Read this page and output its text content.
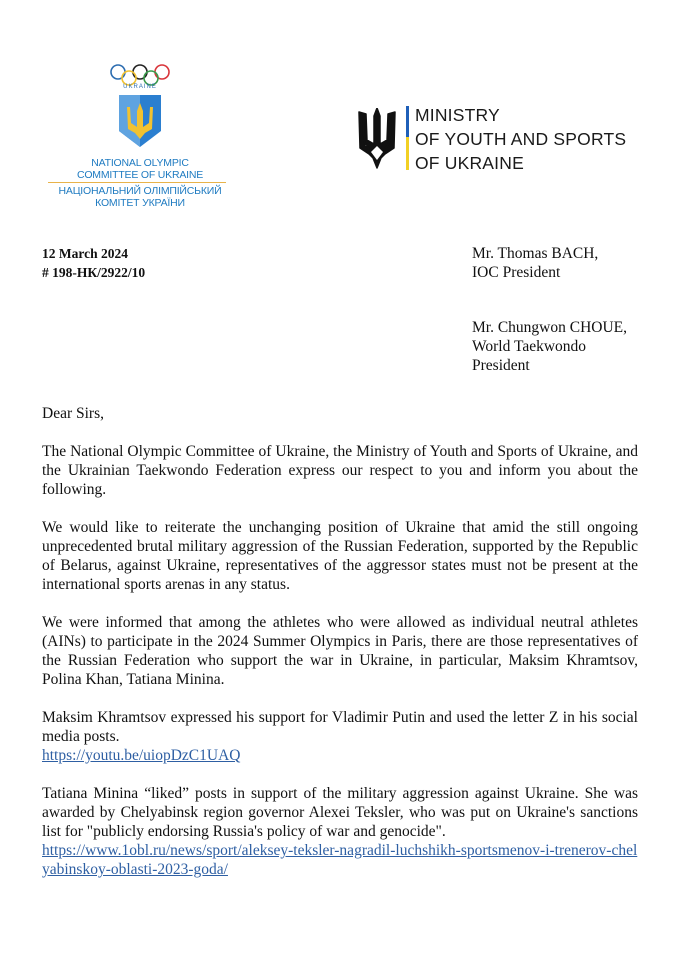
UKRAINE
NATIONAL OLYMPIC
COMMITTEE OF UKRAINE
НАЦІОНАЛЬНИЙ ОЛІМПІЙСЬКИЙ
КОМІТЕТ УКРАЇНИ
MINISTRY
OF YOUTH AND SPORTS
OF UKRAINE
12 March 2024
# 198-НК/2922/10
Mr. Thomas BACH,
IOC President
Mr. Chungwon CHOUE,
World Taekwondo
President

Dear Sirs,

The National Olympic Committee of Ukraine, the Ministry of Youth and Sports of Ukraine, and the Ukrainian Taekwondo Federation express our respect to you and inform you about the following.

We would like to reiterate the unchanging position of Ukraine that amid the still ongoing unprecedented brutal military aggression of the Russian Federation, supported by the Republic of Belarus, against Ukraine, representatives of the aggressor states must not be present at the international sports arenas in any status.

We were informed that among the athletes who were allowed as individual neutral athletes (AINs) to participate in the 2024 Summer Olympics in Paris, there are those representatives of the Russian Federation who support the war in Ukraine, in particular, Maksim Khramtsov, Polina Khan, Tatiana Minina.

Maksim Khramtsov expressed his support for Vladimir Putin and used the letter Z in his social media posts.
https://youtu.be/uiopDzC1UAQ

Tatiana Minina “liked” posts in support of the military aggression against Ukraine. She was awarded by Chelyabinsk region governor Alexei Teksler, who was put on Ukraine's sanctions list for "publicly endorsing Russia's policy of war and genocide".
https://www.1obl.ru/news/sport/aleksey-teksler-nagradil-luchshikh-sportsmenov-i-trenerov-chelyabinskoy-oblasti-2023-goda/
